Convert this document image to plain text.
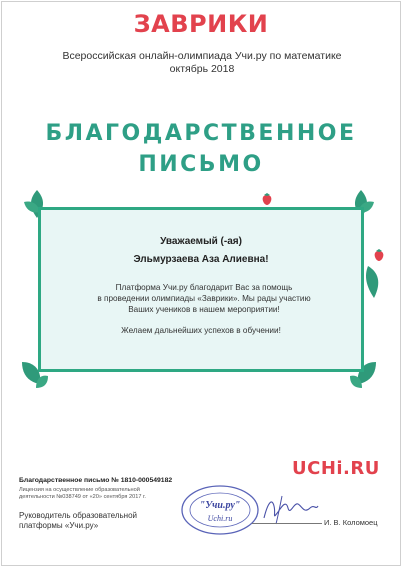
ЗАВРИКИ
Всероссийская онлайн-олимпиада Учи.ру по математике
октябрь 2018
БЛАГОДАРСТВЕННОЕ
ПИСЬМО
Уважаемый (-ая)
Эльмурзаева Аза Алиевна!
Платформа Учи.ру благодарит Вас за помощь
в проведении олимпиады «Заврики». Мы рады участию
Ваших учеников в нашем мероприятии!
Желаем дальнейших успехов в обучении!
UCHi.RU
Благодарственное письмо № 1810-000549182
Лицензия на осуществление образовательной
деятельности №038749 от «20» сентября 2017 г.
Руководитель образовательной
платформы «Учи.ру»
"Учи.ру"
Uchi.ru	И. В. Коломоец
